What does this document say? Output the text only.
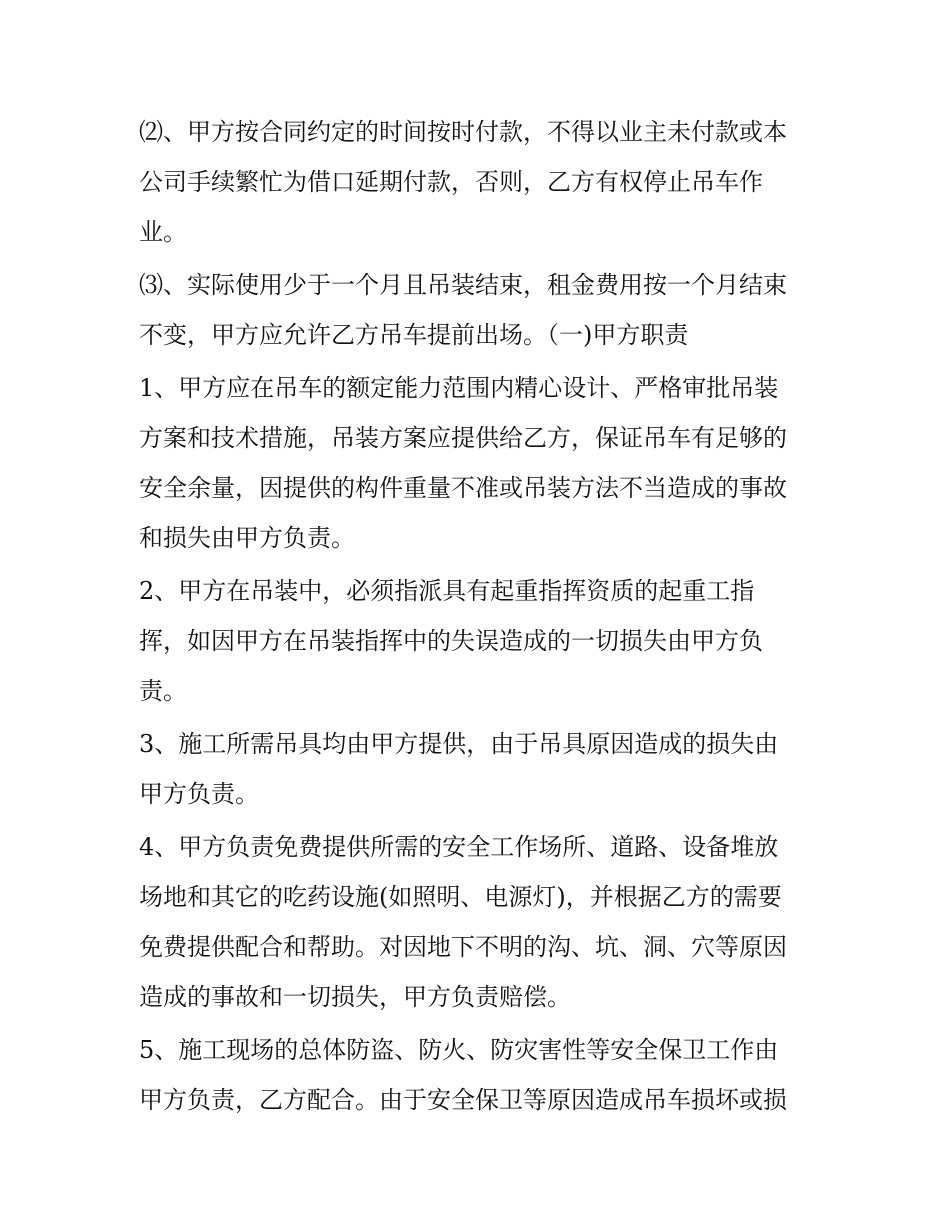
⑵、甲方按合同约定的时间按时付款，不得以业主未付款或本
公司手续繁忙为借口延期付款，否则，乙方有权停止吊车作
业。
⑶、实际使用少于一个月且吊装结束，租金费用按一个月结束
不变，甲方应允许乙方吊车提前出场。（一)甲方职责
1、甲方应在吊车的额定能力范围内精心设计、严格审批吊装
方案和技术措施，吊装方案应提供给乙方，保证吊车有足够的
安全余量，因提供的构件重量不准或吊装方法不当造成的事故
和损失由甲方负责。
2、甲方在吊装中，必须指派具有起重指挥资质的起重工指
挥，如因甲方在吊装指挥中的失误造成的一切损失由甲方负
责。
3、施工所需吊具均由甲方提供，由于吊具原因造成的损失由
甲方负责。
4、甲方负责免费提供所需的安全工作场所、道路、设备堆放
场地和其它的吃药设施(如照明、电源灯)，并根据乙方的需要
免费提供配合和帮助。对因地下不明的沟、坑、洞、穴等原因
造成的事故和一切损失，甲方负责赔偿。
5、施工现场的总体防盗、防火、防灾害性等安全保卫工作由
甲方负责，乙方配合。由于安全保卫等原因造成吊车损坏或损
